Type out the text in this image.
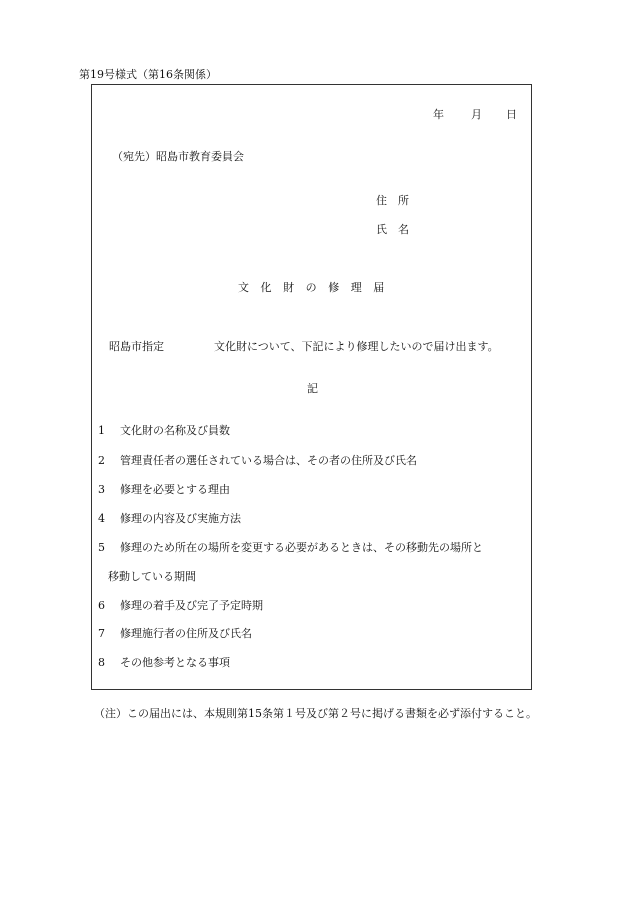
第19号様式（第16条関係）
年 月 日
（宛先）昭島市教育委員会
住　所
氏　名
文化財の修理届
昭島市指定	文化財について、下記により修理したいので届け出ます。
記
1 文化財の名称及び員数
2 管理責任者の選任されている場合は、その者の住所及び氏名
3 修理を必要とする理由
4 修理の内容及び実施方法
5 修理のため所在の場所を変更する必要があるときは、その移動先の場所と
移動している期間
6 修理の着手及び完了予定時期
7 修理施行者の住所及び氏名
8 その他参考となる事項
（注）この届出には、本規則第15条第１号及び第２号に掲げる書類を必ず添付すること。
